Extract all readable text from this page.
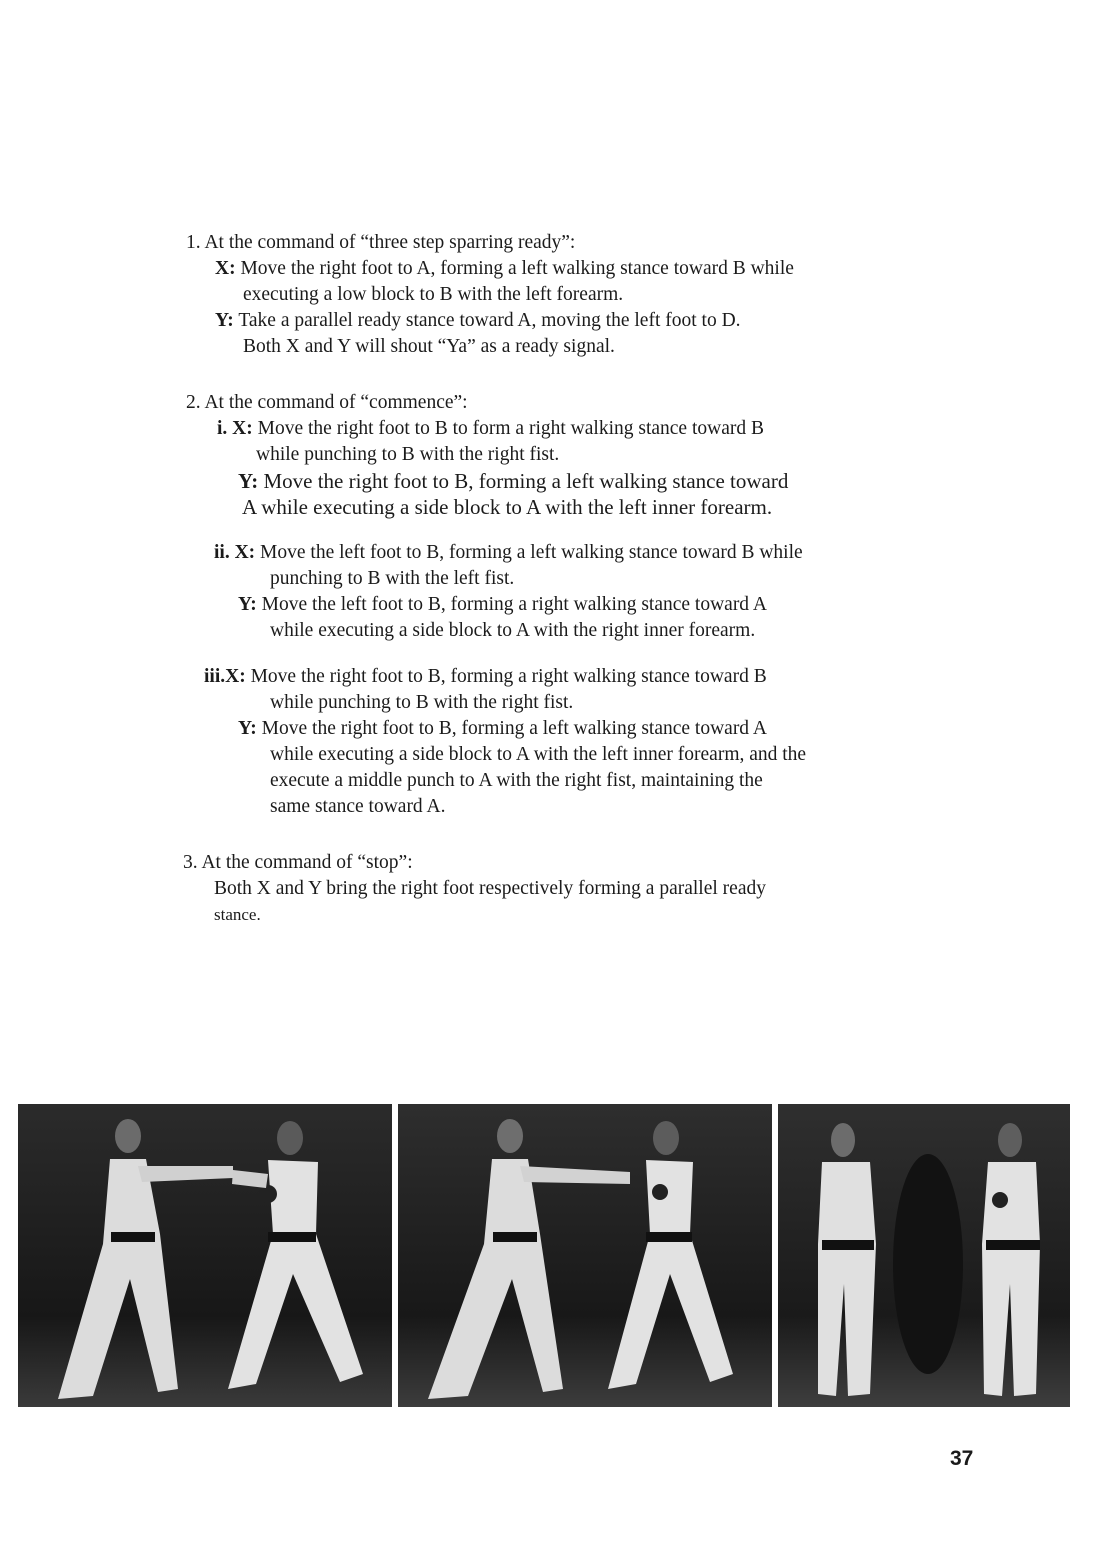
1. At the command of “three step sparring ready”:
X: Move the right foot to A, forming a left walking stance toward B while
executing a low block to B with the left forearm.
Y: Take a parallel ready stance toward A, moving the left foot to D.
Both X and Y will shout “Ya” as a ready signal.
2. At the command of “commence”:
i. X: Move the right foot to B to form a right walking stance toward B
while punching to B with the right fist.
Y: Move the right foot to B, forming a left walking stance toward
A while executing a side block to A with the left inner forearm.
ii. X: Move the left foot to B, forming a left walking stance toward B while
punching to B with the left fist.
Y: Move the left foot to B, forming a right walking stance toward A
while executing a side block to A with the right inner forearm.
iii.X: Move the right foot to B, forming a right walking stance toward B
while punching to B with the right fist.
Y: Move the right foot to B, forming a left walking stance toward A
while executing a side block to A with the left inner forearm, and the
execute a middle punch to A with the right fist, maintaining the
same stance toward A.
3. At the command of “stop”:
Both X and Y bring the right foot respectively forming a parallel ready
stance.
37
